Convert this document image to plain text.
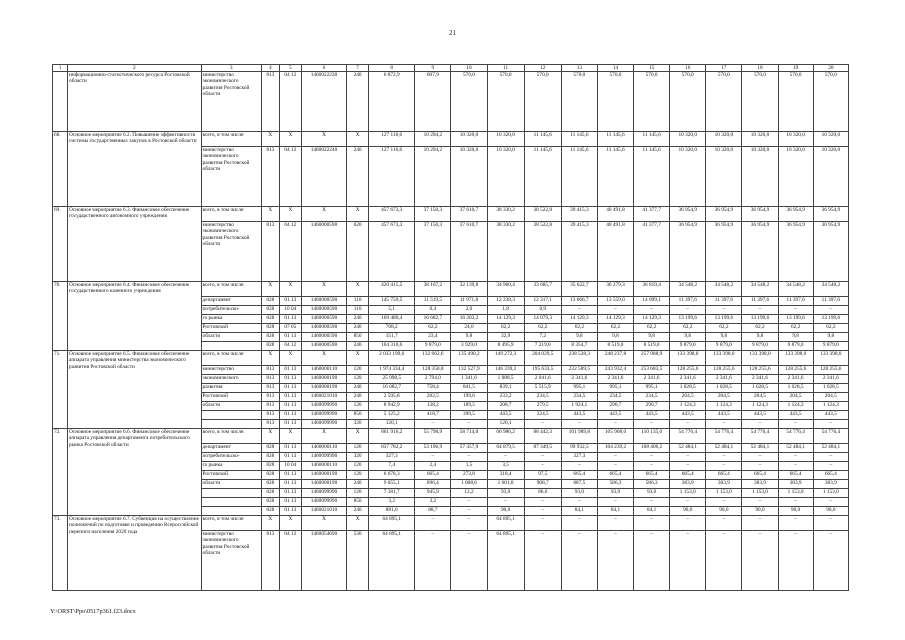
21
1	2	3	4	5	6	7	8	9	10	11	12	13	14	15	16	17	18	19	20
	информационно-статистического ресурса Ростовской области	министерство экономического развития Ростовской области	813	04 12	1460022230	240	6 872,9	607,9	570,0	570,0	570,0	570,0	570,0	570,0	570,0	570,0	570,0	570,0	570,0
68.	Основное мероприятие 6.2. Повышение эффективности системы государственных закупок в Ростовской области	всего, в том числе:	X	X	X	X	127 116,6	10 294,2	10 320,0	10 320,0	11 145,6	11 145,6	11 145,6	11 145,6	10 320,0	10 320,0	10 320,0	10 320,0	10 320,0
		министерство экономического развития Ростовской области	813	04 12	1460022240	240	127 116,6	10 294,2	10 320,0	10 320,0	11 145,6	11 145,6	11 145,6	11 145,6	10 320,0	10 320,0	10 320,0	10 320,0	10 320,0
69.	Основное мероприятие 6.3. Финансовое обеспечение государственного автономного учреждения	всего, в том числе:	X	X	X	X	457 673,3	37 150,3	37 610,7	38 330,2	38 522,8	39 415,3	40 491,8	41 377,7	36 954,9	36 954,9	36 954,9	36 954,9	36 954,9
		министерство экономического развития Ростовской области	813	04 12	1460000590	620	457 673,3	37 150,3	37 610,7	38 330,2	38 522,8	39 415,3	40 491,8	41 377,7	36 954,9	36 954,9	36 954,9	36 954,9	36 954,9
70.	Основное мероприятие 6.4. Финансовое обеспечение государственного казенного учреждения	всего, в том числе:	X	X	X	X	420 415,5	38 167,2	32 139,8	34 960,4	33 685,7	35 622,7	36 279,3	36 819,4	34 548,2	34 548,2	34 548,2	34 548,2	34 548,2
		департамент	828	01 13	1460000590	110	145 759,5	11 519,5	11 971,8	12 238,3	12 317,1	13 066,7	13 559,0	14 099,1	11 397,6	11 397,6	11 397,6	11 397,6	11 397,6
		потребительско-	828	10 04	1460000590	110	5,1	0,4	2,0	1,8	0,9	–	–	–	–	–	–	–	–
		го рынка	828	01 13	1460000590	240	169 480,4	16 682,7	16 203,2	14 129,3	14 079,3	14 129,3	14 129,3	14 129,3	13 199,6	13 199,6	13 199,6	13 199,6	13 199,6
		Ростовской	828	07 05	1460000590	240	708,2	62,2	24,0	62,2	62,2	62,2	62,2	62,2	62,2	62,2	62,2	62,2	62,2
		области	828	01 13	1460000590	850	151,7	23,4	9,8	32,9	7,2	9,8	9,8	9,8	9,8	9,8	9,8	9,8	9,8
			828	04 12	1460000590	240	104 310,6	9 879,0	3 929,0	8 495,9	7 219,0	8 354,7	8 519,0	8 519,0	9 879,0	9 879,0	9 879,0	9 879,0	9 879,0
71.	Основное мероприятие 6.5. Финансовое обеспечение аппарата управления министерства экономического развития Ростовской области	всего, в том числе:	X	X	X	X	2 033 199,6	132 662,6	135 490,2	149 272,3	204 029,5	238 528,3	248 237,8	257 988,9	133 398,0	133 398,0	133 398,0	133 398,0	133 398,0
		министерство	813	01 13	1460000110	120	1 974 334,4	128 350,8	132 527,9	146 339,2	195 633,5	232 589,5	243 932,4	253 683,5	128 255,6	128 255,6	128 255,6	128 255,6	128 255,6
		экономического	813	01 13	1460000190	120	25 998,5	2 794,0	1 341,6	1 088,5	2 041,6	2 341,6	2 341,6	2 341,6	2 341,6	2 341,6	2 341,6	2 341,6	2 341,6
		развития	813	01 13	1460000190	240	16 082,7	758,4	841,5	839,1	5 515,9	995,1	995,1	995,1	1 028,5	1 028,5	1 028,5	1 028,5	1 028,5
		Ростовской	813	01 13	1460021010	240	2 595,8	202,5	199,6	233,2	234,5	234,5	234,5	234,5	204,5	204,5	204,5	204,5	204,5
		области	813	01 13	1460099990	120	8 942,9	138,2	189,5	208,7	279,5	1 924,1	290,7	290,7	1 124,3	1 124,3	1 124,3	1 124,3	1 124,3
			813	01 13	1460099990	850	5 125,2	418,7	390,5	443,5	324,5	443,5	443,5	443,5	443,5	443,5	443,5	443,5	443,5
			813	01 13	1460099990	320	120,1	–	–	120,1	–	–	–	–	–	–	–	–	–
72.	Основное мероприятие 6.6. Финансовое обеспечение аппарата управления департамента потребительского рынка Ростовской области	всего, в том числе:	X	X	X	X	861 916,2	55 798,9	58 714,0	66 986,2	88 442,3	101 989,8	105 968,0	110 135,0	54 776,4	54 776,4	54 776,4	54 776,4	54 776,4
		департамент	828	01 13	1460000110	120	837 782,2	53 196,9	57 357,9	64 879,5	87 349,5	99 932,5	104 239,2	108 406,2	52 484,1	52 484,1	52 484,1	52 484,1	52 484,1
		потребительско-	828	01 13	1460099990	320	327,3	–	–	–	–	327,3	–	–	–	–	–	–	–
		го рынка	828	10 04	1460000110	120	7,4	2,4	1,5	3,5	–	–	–	–	–	–	–	–	–
		Ростовской	828	01 13	1460000190	120	6 678,3	665,4	273,8	318,4	97,5	665,4	665,4	665,4	665,4	665,4	665,4	665,4	665,4
		области	828	01 13	1460000190	240	9 055,1	896,4	1 008,6	1 601,8	908,7	887,5	586,3	586,3	383,9	383,9	383,9	383,9	383,9
			828	01 13	1460099990	120	7 181,7	945,9	12,2	93,0	86,6	93,0	93,0	93,0	1 153,0	1 153,0	1 153,0	1 153,0	1 153,0
			828	01 13	1460099990	850	3,2	3,2	–	–	–	–	–	–	–	–	–	–	–
			828	01 13	1460021010	240	881,0	88,7	–	90,0	–	84,1	84,1	84,1	90,0	90,0	90,0	90,0	90,0
73.	Основное мероприятие 6.7. Субвенция на осуществление полномочий по подготовке и проведению Всероссийской переписи населения 2020 года	всего, в том числе:	X	X	X	X	64 895,1	–	–	64 895,1	–	–	–	–	–	–	–	–	–
		министерство экономического развития Ростовской области	813	04 12	1460054690	530	64 895,1	–	–	64 895,1	–	–	–	–	–	–	–	–	–
Y:\ORST\Ppo\0517p361.f23.docx
